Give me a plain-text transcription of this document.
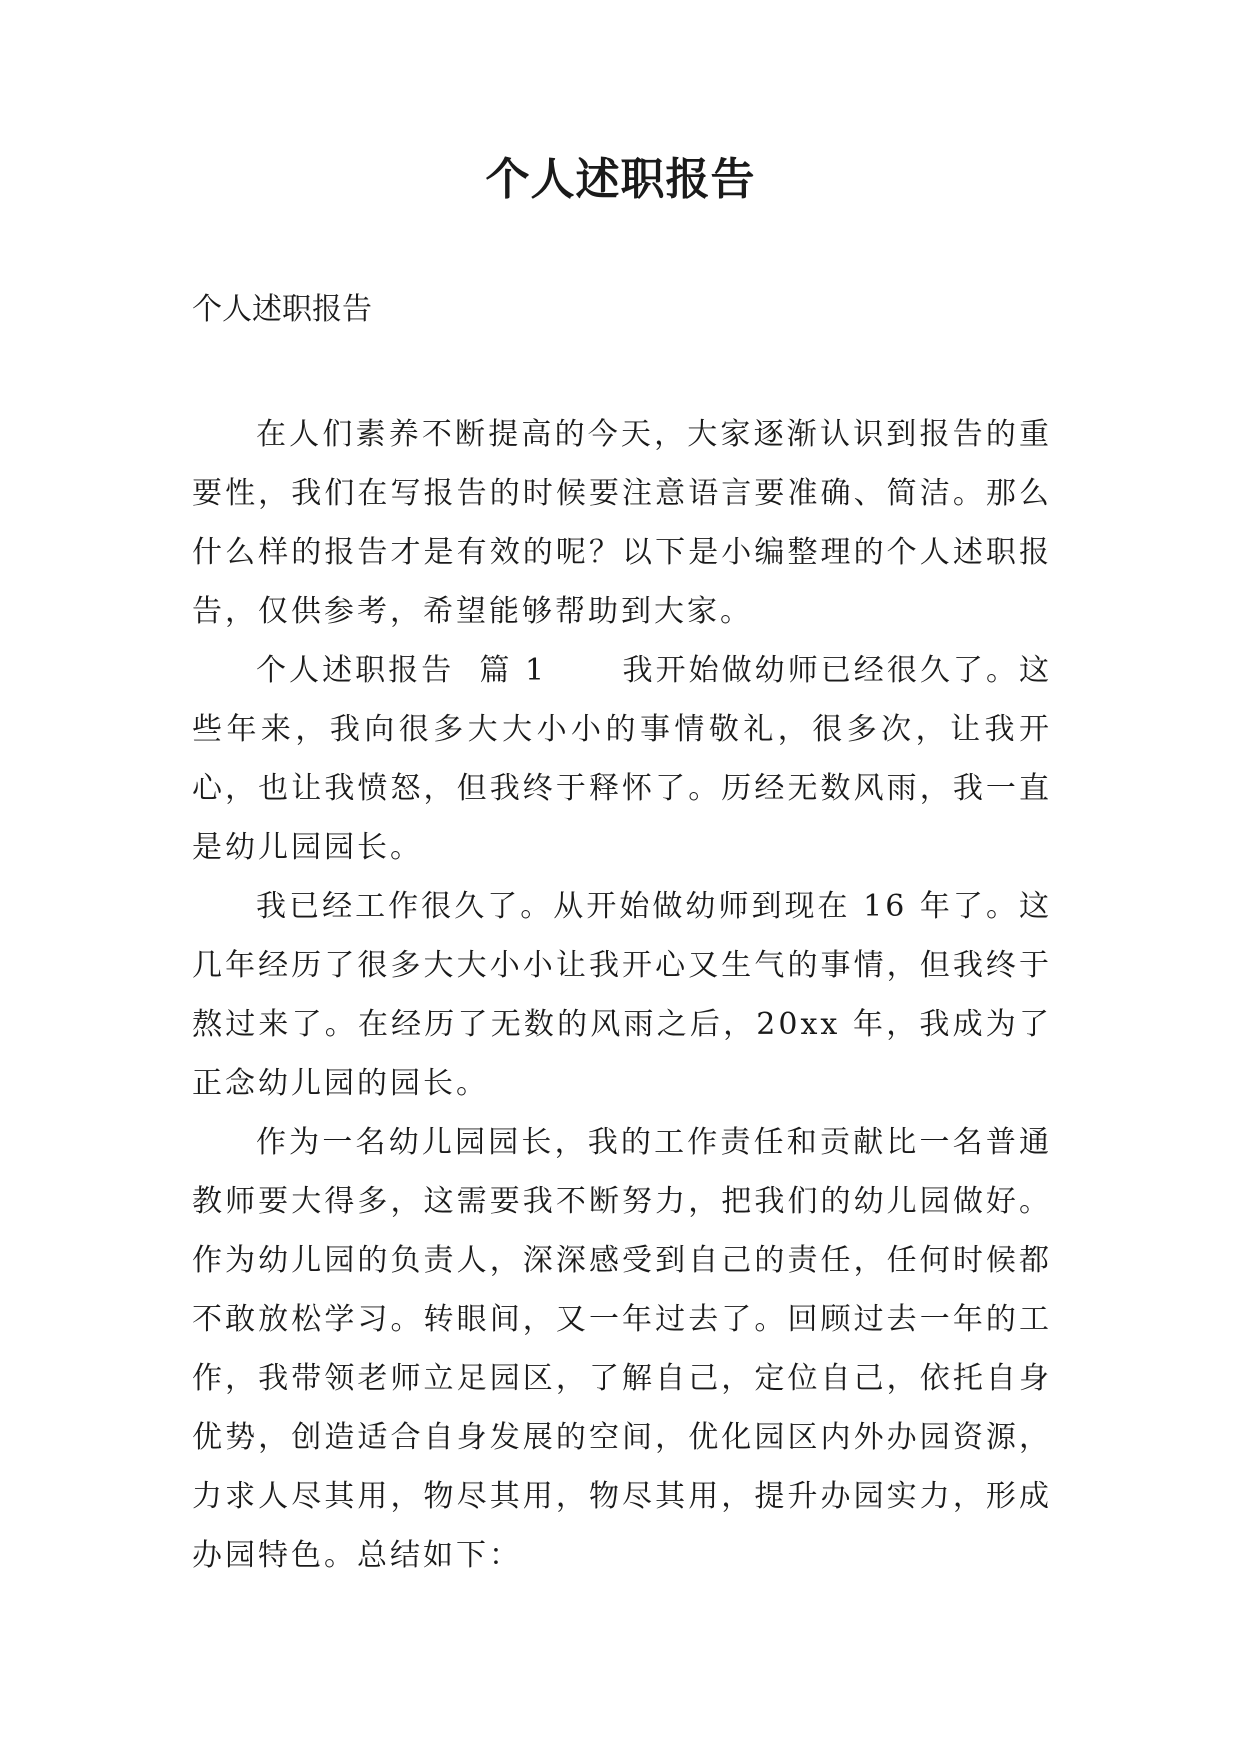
个人述职报告

个人述职报告

在人们素养不断提高的今天，大家逐渐认识到报告的重要性，我们在写报告的时候要注意语言要准确、简洁。那么什么样的报告才是有效的呢？以下是小编整理的个人述职报告，仅供参考，希望能够帮助到大家。

个人述职报告  篇 1      我开始做幼师已经很久了。这些年来，我向很多大大小小的事情敬礼，很多次，让我开心，也让我愤怒，但我终于释怀了。历经无数风雨，我一直是幼儿园园长。

我已经工作很久了。从开始做幼师到现在 16 年了。这几年经历了很多大大小小让我开心又生气的事情，但我终于熬过来了。在经历了无数的风雨之后，20xx 年，我成为了正念幼儿园的园长。

作为一名幼儿园园长，我的工作责任和贡献比一名普通教师要大得多，这需要我不断努力，把我们的幼儿园做好。作为幼儿园的负责人，深深感受到自己的责任，任何时候都不敢放松学习。转眼间，又一年过去了。回顾过去一年的工作，我带领老师立足园区，了解自己，定位自己，依托自身优势，创造适合自身发展的空间，优化园区内外办园资源，力求人尽其用，物尽其用，物尽其用，提升办园实力，形成办园特色。总结如下：
